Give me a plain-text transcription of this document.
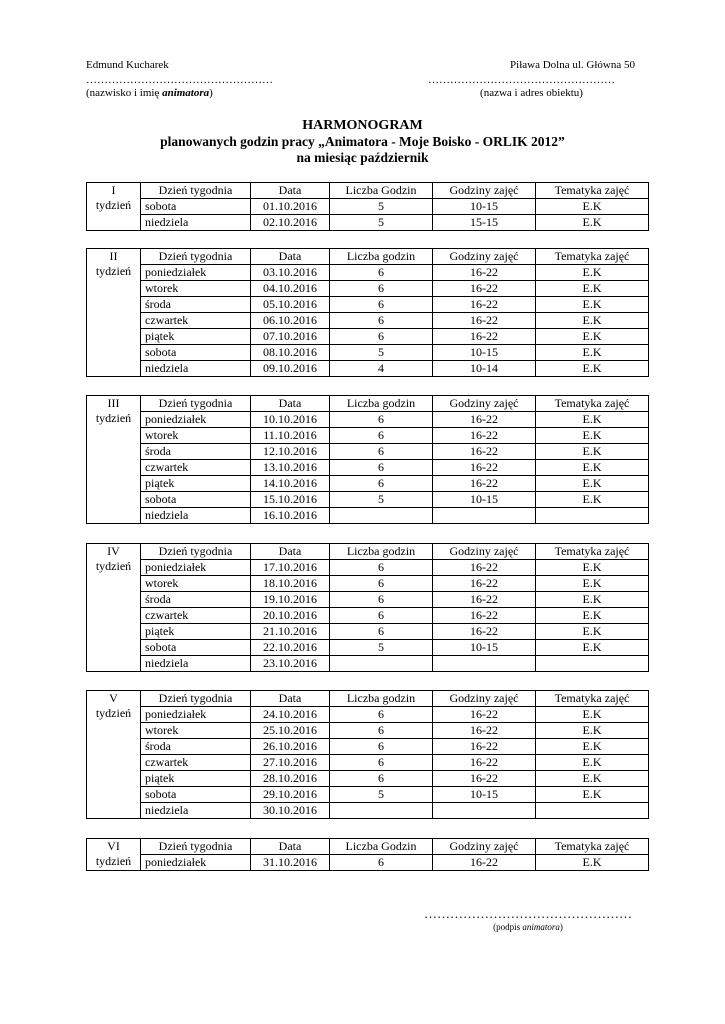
Edmund Kucharek
……………………………………………
(nazwisko i imię animatora)
Piława Dolna ul. Główna 50
……………………………………………
(nazwa i adres obiektu)
HARMONOGRAM
planowanych godzin pracy „Animatora - Moje Boisko - ORLIK 2012”
na miesiąc październik
I
tydzień	Dzień tygodnia	Data	Liczba Godzin	Godziny zajęć	Tematyka zajęć
	sobota	01.10.2016	5	10-15	E.K
	niedziela	02.10.2016	5	15-15	E.K
II
tydzień	Dzień tygodnia	Data	Liczba godzin	Godziny zajęć	Tematyka zajęć
	poniedziałek	03.10.2016	6	16-22	E.K
	wtorek	04.10.2016	6	16-22	E.K
	środa	05.10.2016	6	16-22	E.K
	czwartek	06.10.2016	6	16-22	E.K
	piątek	07.10.2016	6	16-22	E.K
	sobota	08.10.2016	5	10-15	E.K
	niedziela	09.10.2016	4	10-14	E.K
III
tydzień	Dzień tygodnia	Data	Liczba godzin	Godziny zajęć	Tematyka zajęć
	poniedziałek	10.10.2016	6	16-22	E.K
	wtorek	11.10.2016	6	16-22	E.K
	środa	12.10.2016	6	16-22	E.K
	czwartek	13.10.2016	6	16-22	E.K
	piątek	14.10.2016	6	16-22	E.K
	sobota	15.10.2016	5	10-15	E.K
	niedziela	16.10.2016			
IV
tydzień	Dzień tygodnia	Data	Liczba godzin	Godziny zajęć	Tematyka zajęć
	poniedziałek	17.10.2016	6	16-22	E.K
	wtorek	18.10.2016	6	16-22	E.K
	środa	19.10.2016	6	16-22	E.K
	czwartek	20.10.2016	6	16-22	E.K
	piątek	21.10.2016	6	16-22	E.K
	sobota	22.10.2016	5	10-15	E.K
	niedziela	23.10.2016			
V
tydzień	Dzień tygodnia	Data	Liczba godzin	Godziny zajęć	Tematyka zajęć
	poniedziałek	24.10.2016	6	16-22	E.K
	wtorek	25.10.2016	6	16-22	E.K
	środa	26.10.2016	6	16-22	E.K
	czwartek	27.10.2016	6	16-22	E.K
	piątek	28.10.2016	6	16-22	E.K
	sobota	29.10.2016	5	10-15	E.K
	niedziela	30.10.2016			
VI
tydzień	Dzień tygodnia	Data	Liczba Godzin	Godziny zajęć	Tematyka zajęć
	poniedziałek	31.10.2016	6	16-22	E.K
…………………………………………
(podpis animatora)
